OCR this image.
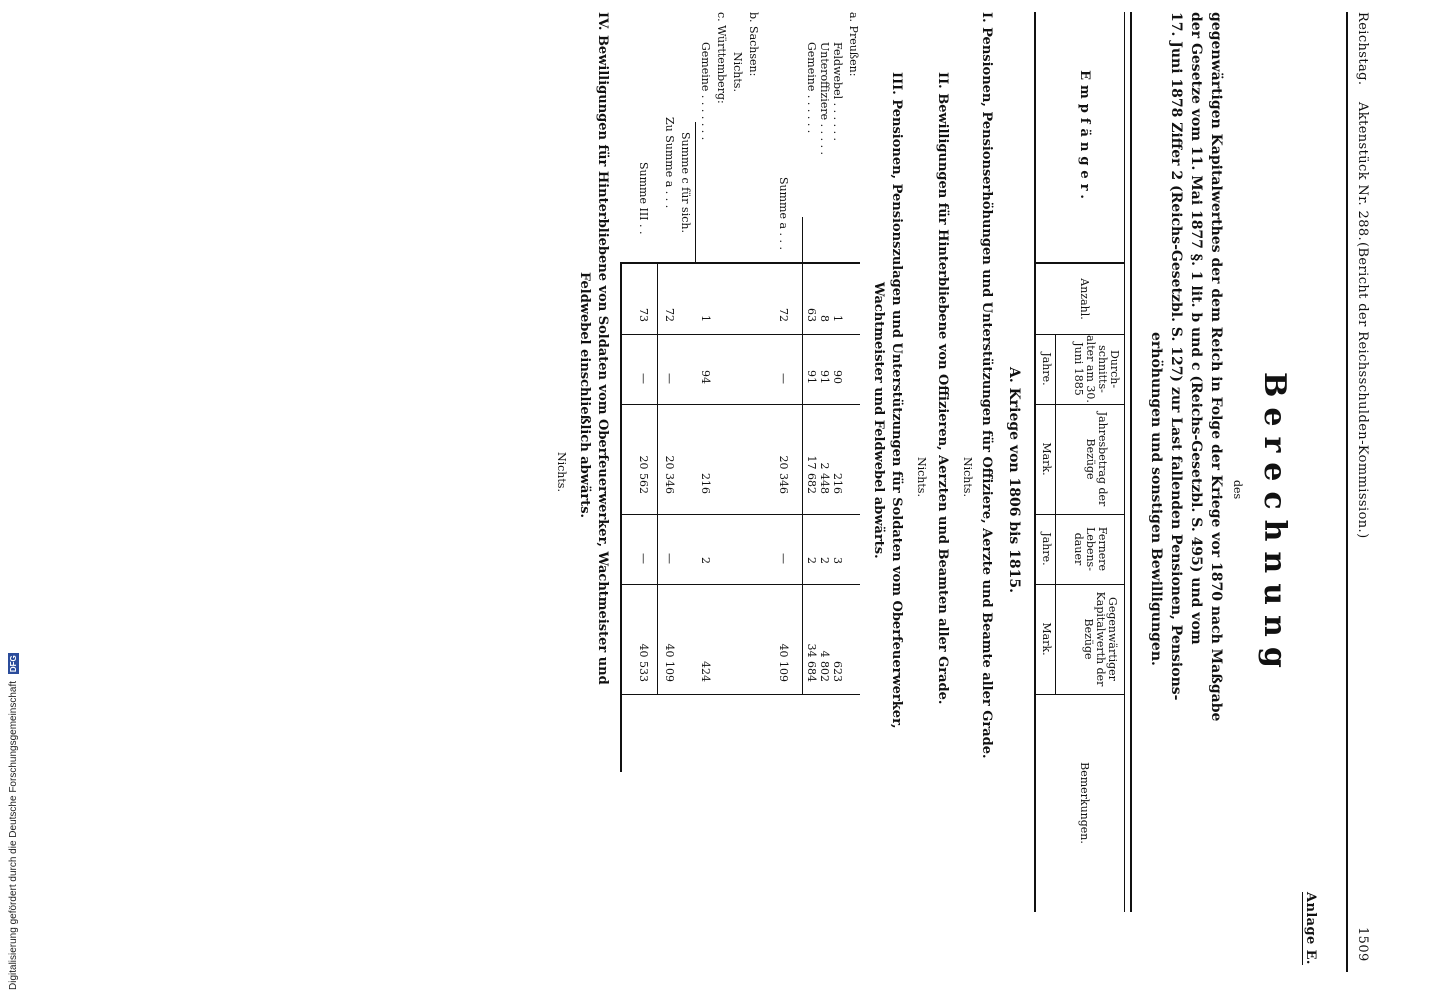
Reichstag.
Aktenstück Nr. 288.
(Bericht der Reichsschulden-Kommission.)
1509
Anlage E.
Berechnung
des
gegenwärtigen Kapitalwerthes der dem Reich in Folge der Kriege vor 1870 nach Maßgabe
der Gesetze vom 11. Mai 1877 §. 1 lit. b und c (Reichs-Gesetzbl. S. 495) und vom
17. Juni 1878 Ziffer 2 (Reichs-Gesetzbl. S. 127) zur Last fallenden Pensionen, Pensions-
erhöhungen und sonstigen Bewilligungen.
Empfänger.
Anzahl.
Durch-schnitts-alter am 30. Juni 1885
Jahresbetrag der Bezüge
Fernere Lebens-dauer
Gegenwärtiger Kapitalwerth der Bezüge
Bemerkungen.
Jahre.
Mark.
Jahre.
Mark.
A. Kriege von 1806 bis 1815.
I. Pensionen, Pensionserhöhungen und Unterstützungen für Offiziere, Aerzte und Beamte aller Grade.
Nichts.
II. Bewilligungen für Hinterbliebene von Offizieren, Aerzten und Beamten aller Grade.
Nichts.
III. Pensionen, Pensionszulagen und Unterstützungen für Soldaten vom Oberfeuerwerker,
Wachtmeister und Feldwebel abwärts.
a. Preußen:
Feldwebel . . . . . .
1
90
216
3
623
Unteroffiziere . . . . .
8
91
2 448
2
4 802
Gemeine . . . . . .
63
91
17 682
2
34 684
Summe a . . .
72
—
20 346
—
40 109
b. Sachsen:
Nichts.
c. Württemberg:
Gemeine . . . . . . .
1
94
216
2
424
Summe c für sich.
Zu Summe a . . .
72
—
20 346
—
40 109
Summe III . .
73
—
20 562
—
40 533
IV. Bewilligungen für Hinterbliebene von Soldaten vom Oberfeuerwerker, Wachtmeister und
Feldwebel einschließlich abwärts.
Nichts.
Digitalisierung gefördert durch die Deutsche Forschungsgemeinschaft DFG
